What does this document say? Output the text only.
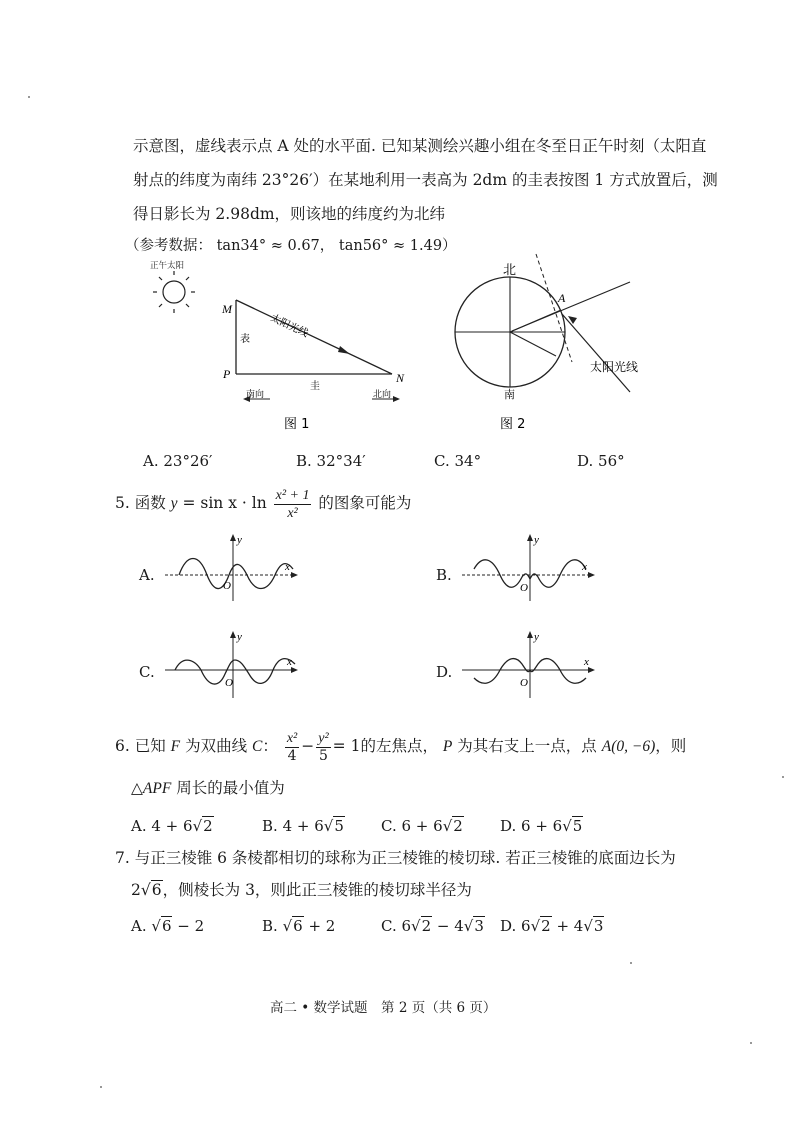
示意图，虚线表示点 A 处的水平面. 已知某测绘兴趣小组在冬至日正午时刻（太阳直
射点的纬度为南纬 23°26′）在某地利用一表高为 2dm 的圭表按图 1 方式放置后，测
得日影长为 2.98dm，则该地的纬度约为北纬
（参考数据： tan34° ≈ 0.67， tan56° ≈ 1.49）
正午太阳
M
P	N
太阳光线
表
圭
南向	北向
图 1
北
南
A
太阳光线
图 2
A. 23°26′	B. 32°34′	C. 34°	D. 56°
5. 函数 $y = \sin x \cdot \ln \frac{\text{x² + 1}}{\text{x²}}$ 的图象可能为
A.	B.
C.	D.
x
y
O
x
y
O
x
y
O
x
y
O
6. 已知 F 为双曲线 C： $\frac{\text{x²}}{4} - \frac{\text{y²}}{5} = 1$的左焦点， P 为其右支上一点，点 A(0, −6)，则
△APF 周长的最小值为
A. 4 + 6√2	B. 4 + 6√5 C. 6 + 6√2 D. 6 + 6√5
7. 与正三棱锥 6 条棱都相切的球称为正三棱锥的棱切球. 若正三棱锥的底面边长为
2√6，侧棱长为 3，则此正三棱锥的棱切球半径为
A. √6 − 2	B. √6 + 2	C. 6√2 − 4√3 D. 6√2 + 4√3
高二 • 数学试题　第 2 页（共 6 页）
